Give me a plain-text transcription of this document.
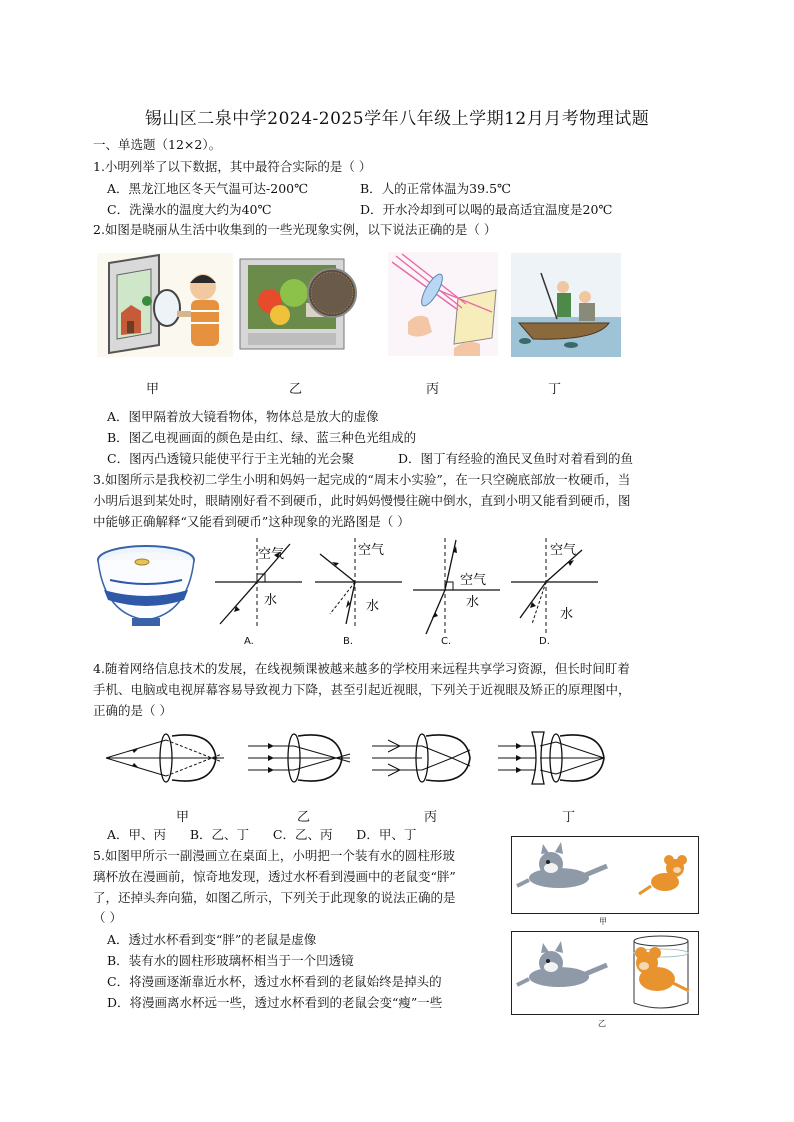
锡山区二泉中学2024-2025学年八年级上学期12月月考物理试题
一、单选题（12×2）。
1.小明列举了以下数据，其中最符合实际的是（ ）
A．黑龙江地区冬天气温可达-200℃	B．人的正常体温为39.5℃
C．洗澡水的温度大约为40℃	D．开水冷却到可以喝的最高适宜温度是20℃
2.如图是晓丽从生活中收集到的一些光现象实例，以下说法正确的是（ ）
甲	乙	丙	丁
A．图甲隔着放大镜看物体，物体总是放大的虚像
B．图乙电视画面的颜色是由红、绿、蓝三种色光组成的
C．图丙凸透镜只能使平行于主光轴的光会聚	D．图丁有经验的渔民叉鱼时对着看到的鱼
3.如图所示是我校初二学生小明和妈妈一起完成的“周末小实验”，在一只空碗底部放一枚硬币，当
小明后退到某处时，眼睛刚好看不到硬币，此时妈妈慢慢往碗中倒水，直到小明又能看到硬币，图
中能够正确解释“又能看到硬币”这种现象的光路图是（ ）
水
空气
水
空气
空气
水
空气
水
A.	B.	C.	D.
4.随着网络信息技术的发展，在线视频课被越来越多的学校用来远程共享学习资源，但长时间盯着
手机、电脑或电视屏幕容易导致视力下降，甚至引起近视眼，下列关于近视眼及矫正的原理图中，
正确的是（ ）
甲	乙	丙	丁
A．甲、丙      B．乙、丁      C．乙、丙      D．甲、丁
5.如图甲所示一副漫画立在桌面上，小明把一个装有水的圆柱形玻
璃杯放在漫画前，惊奇地发现，透过水杯看到漫画中的老鼠变“胖”
了，还掉头奔向猫，如图乙所示，下列关于此现象的说法正确的是
（ ）
A．透过水杯看到变“胖”的老鼠是虚像
B．装有水的圆柱形玻璃杯相当于一个凹透镜
C．将漫画逐渐靠近水杯，透过水杯看到的老鼠始终是掉头的
D．将漫画离水杯远一些，透过水杯看到的老鼠会变“瘦”一些
甲
乙
